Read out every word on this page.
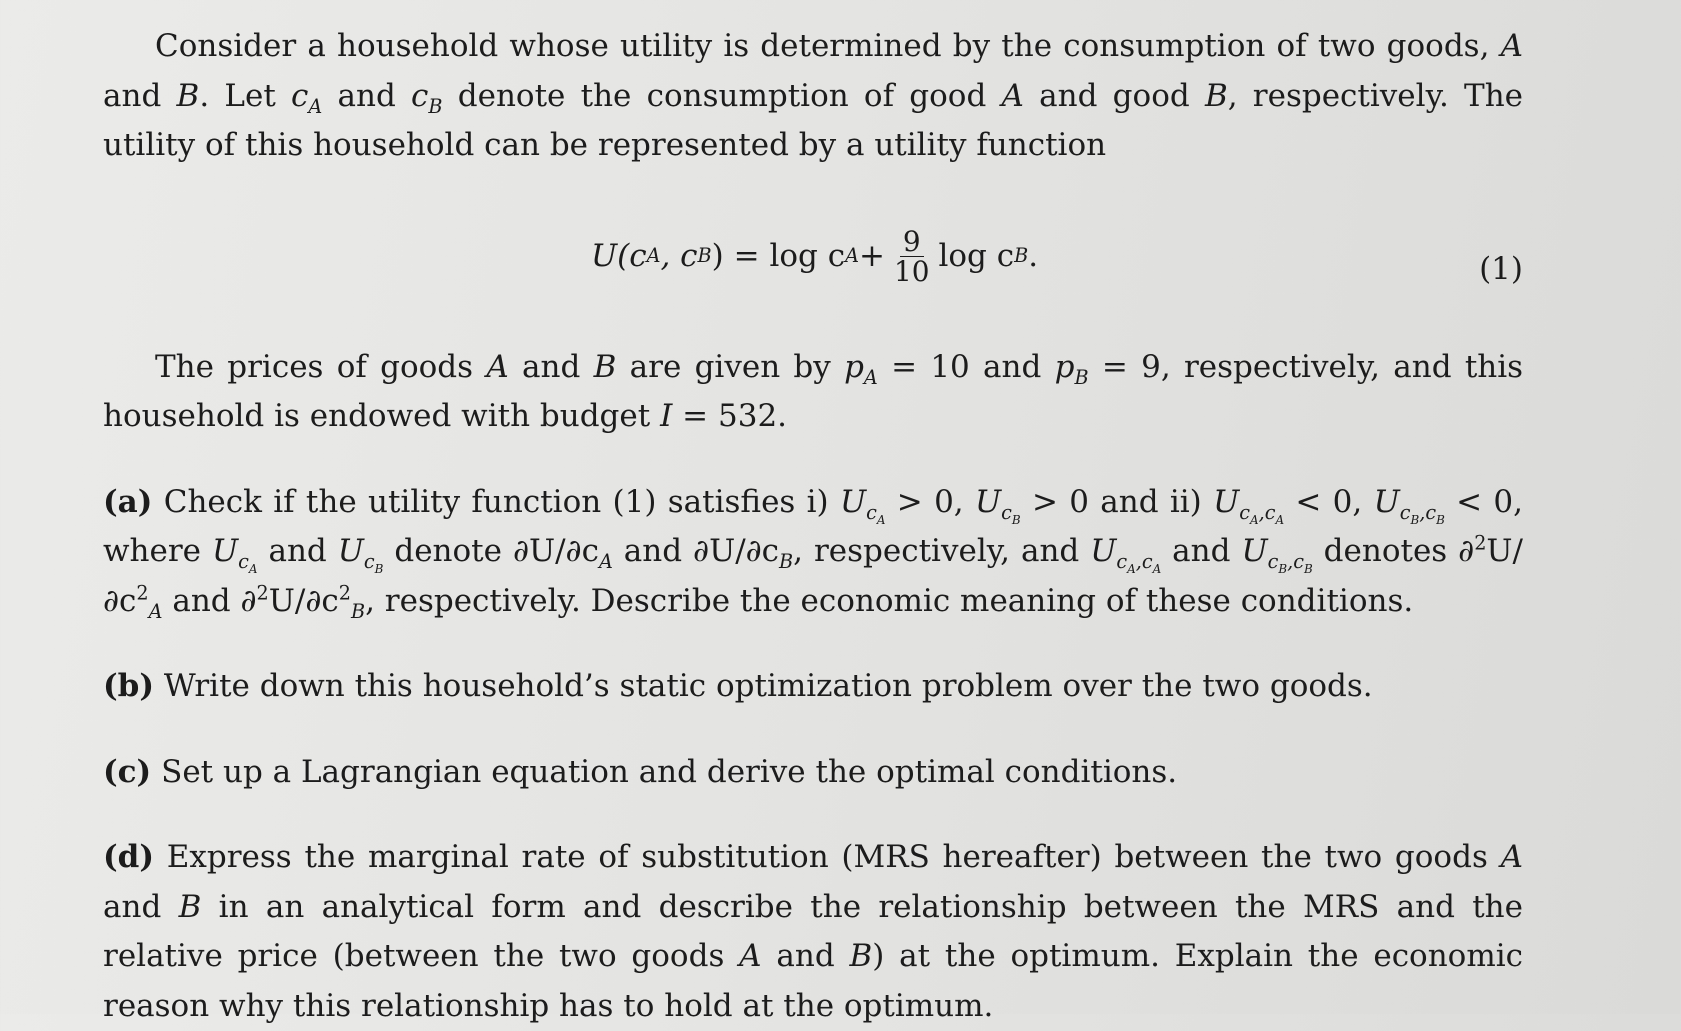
Consider a household whose utility is determined by the consumption of two goods, A and B. Let $c_A$ and $c_B$ denote the consumption of good A and good B, respectively. The utility of this household can be represented by a utility function

U(c A , c B ) = log c $A + \frac{9}{10}$ log c B .	(1)

The prices of goods A and B are given by $p_A = 10$ and $p_B = 9$, respectively, and this household is endowed with budget I = 532.

(a) Check if the utility function (1) satisfies i) $U_{c_A} > 0$, $U_{c_B} > 0$ and ii) $U_{c_A,c_A} < 0$, $U_{c_B,c_B} < 0$, where $U_{c_A}$ and $U_{c_B}$ denote $\partial U/\partial c_A$ and $\partial U/\partial c_B$, respectively, and $U_{c_A,c_A}$ and $U_{c_B,c_B}$ denotes $\partial^2U/\partial c^2_A$ and $\partial^2U/\partial c^2_B$, respectively. Describe the economic meaning of these conditions.

(b) Write down this household’s static optimization problem over the two goods.

(c) Set up a Lagrangian equation and derive the optimal conditions.

(d) Express the marginal rate of substitution (MRS hereafter) between the two goods A and B in an analytical form and describe the relationship between the MRS and the relative price (between the two goods A and B) at the optimum. Explain the economic reason why this relationship has to hold at the optimum.
